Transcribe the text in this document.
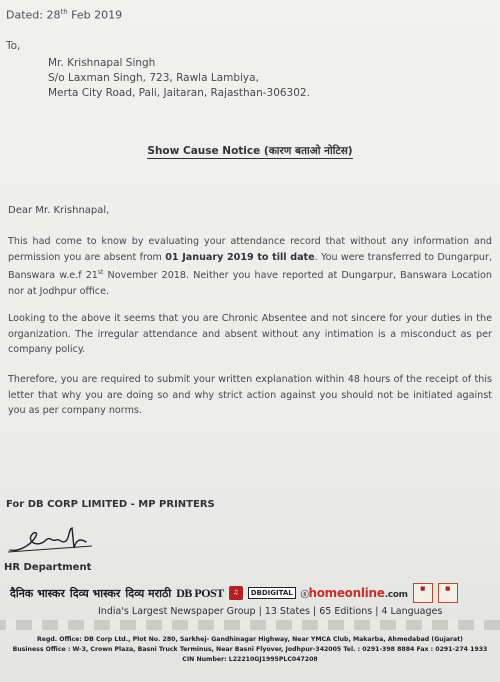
Dated: 28th Feb 2019
To,
Mr. Krishnapal Singh
S/o Laxman Singh, 723, Rawla Lambiya,
Merta City Road, Pali, Jaitaran, Rajasthan-306302.
Show Cause Notice (कारण बताओ नोटिस)
Dear Mr. Krishnapal,
This had come to know by evaluating your attendance record that without any information and permission you are absent from 01 January 2019 to till date. You were transferred to Dungarpur, Banswara w.e.f 21st November 2018. Neither you have reported at Dungarpur, Banswara Location nor at Jodhpur office.
Looking to the above it seems that you are Chronic Absentee and not sincere for your duties in the organization. The irregular attendance and absent without any intimation is a misconduct as per company policy.
Therefore, you are required to submit your written explanation within 48 hours of the receipt of this letter that why you are doing so and why strict action against you should not be initiated against you as per company norms.
For DB CORP LIMITED - MP PRINTERS
HR Department
दैनिक भास्कर दिव्य भास्कर दिव्य मराठी DB POST	♫	DBDIGITAL	ⓢhomeonline.com
■	■
India's Largest Newspaper Group | 13 States | 65 Editions | 4 Languages
Regd. Office: DB Corp Ltd., Plot No. 280, Sarkhej- Gandhinagar Highway, Near YMCA Club, Makarba, Ahmedabad (Gujarat)
Business Office : W-3, Crown Plaza, Basni Truck Terminus, Near Basni Flyover, Jodhpur-342005 Tel. : 0291-398 8884 Fax : 0291-274 1933
CIN Number: L22210GJ1995PLC047208
